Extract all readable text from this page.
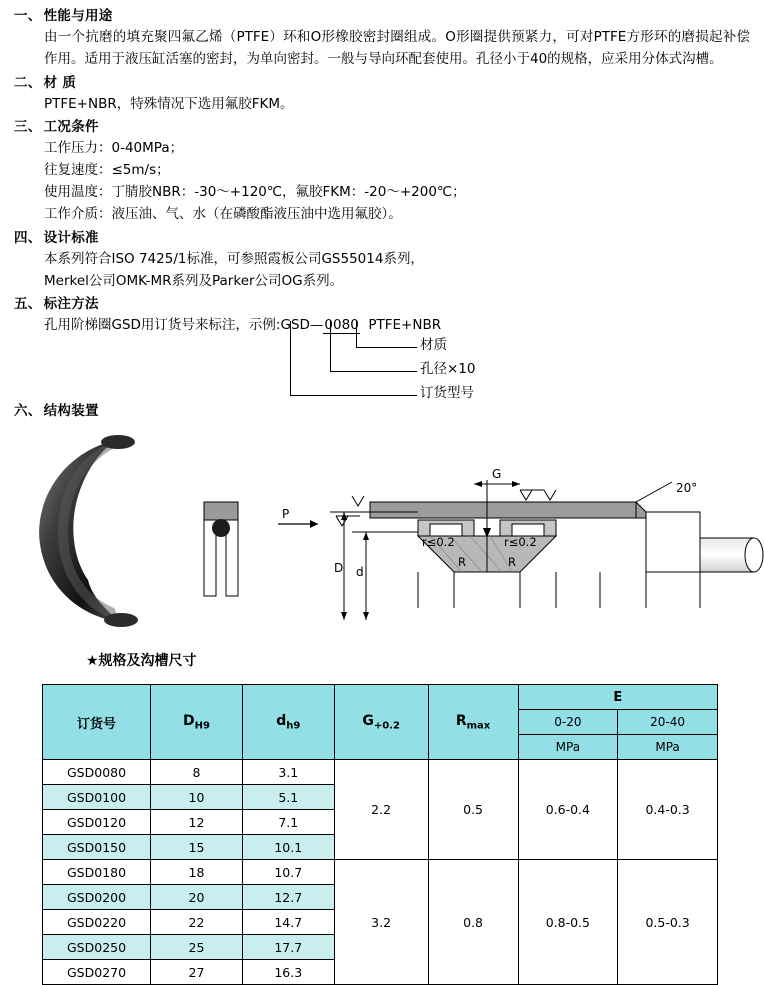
一、 性能与用途

由一个抗磨的填充聚四氟乙烯（PTFE）环和O形橡胶密封圈组成。O形圈提供预紧力，可对PTFE方形环的磨损起补偿作用。适用于液压缸活塞的密封，为单向密封。一般与导向环配套使用。孔径小于40的规格，应采用分体式沟槽。

二、 材 质

PTFE+NBR，特殊情况下选用氟胶FKM。

三、 工况条件

工作压力：0-40MPa；

往复速度：≤5m/s；

使用温度：丁腈胶NBR：-30～+120℃，氟胶FKM：-20～+200℃；

工作介质：液压油、气、水（在磷酸酯液压油中选用氟胶）。

四、 设计标准

本系列符合ISO 7425/1标准，可参照霞板公司GS55014系列，

Merkel公司OMK-MR系列及Parker公司OG系列。

五、 标注方法
孔用阶梯圈GSD用订货号来标注，示例:GSD—0080 PTFE+NBR
材质
孔径×10
订货型号
六、 结构装置
P
G
20°
r≤0.2	r≤0.2
R	R
D d
★规格及沟槽尺寸
订货号	$D_{H9}$	$d_{h9}$	$G_{+0.2}$	$R_{max}$	E	
					0-20	20-40
					MPa	MPa
GSD0080	8	3.1	2.2	0.5	0.6-0.4	0.4-0.3
GSD0100	10	5.1				
GSD0120	12	7.1				
GSD0150	15	10.1				
GSD0180	18	10.7	3.2	0.8	0.8-0.5	0.5-0.3
GSD0200	20	12.7				
GSD0220	22	14.7				
GSD0250	25	17.7				
GSD0270	27	16.3				
